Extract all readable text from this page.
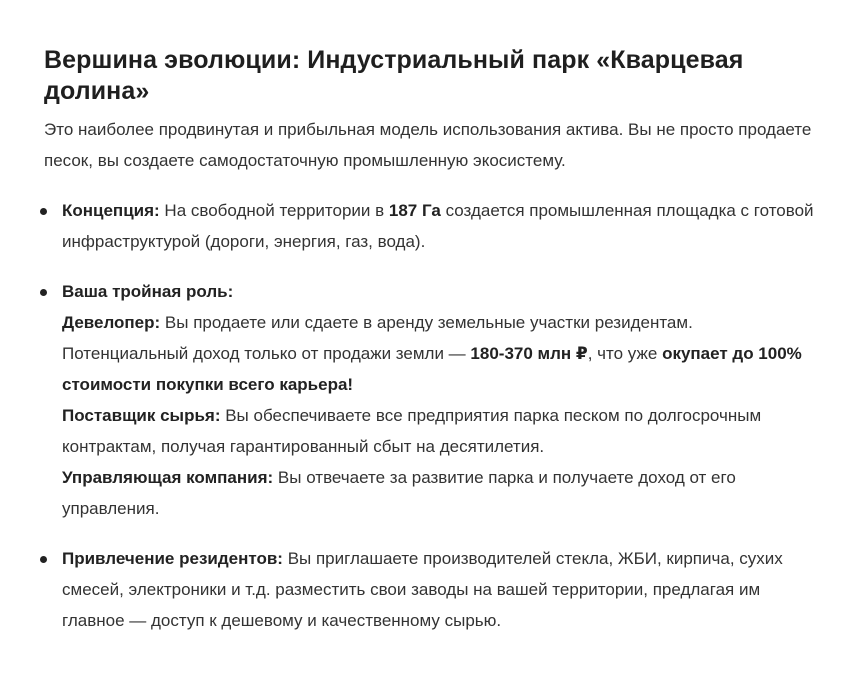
Вершина эволюции: Индустриальный парк «Кварцевая долина»

Это наиболее продвинутая и прибыльная модель использования актива. Вы не просто продаете песок, вы создаете самодостаточную промышленную экосистему.

Концепция: На свободной территории в 187 Га создается промышленная площадка с готовой инфраструктурой (дороги, энергия, газ, вода).
Ваша тройная роль:
Девелопер: Вы продаете или сдаете в аренду земельные участки резидентам. Потенциальный доход только от продажи земли — 180-370 млн ₽, что уже окупает до 100% стоимости покупки всего карьера!
Поставщик сырья: Вы обеспечиваете все предприятия парка песком по долгосрочным контрактам, получая гарантированный сбыт на десятилетия.
Управляющая компания: Вы отвечаете за развитие парка и получаете доход от его управления.
Привлечение резидентов: Вы приглашаете производителей стекла, ЖБИ, кирпича, сухих смесей, электроники и т.д. разместить свои заводы на вашей территории, предлагая им главное — доступ к дешевому и качественному сырью.
